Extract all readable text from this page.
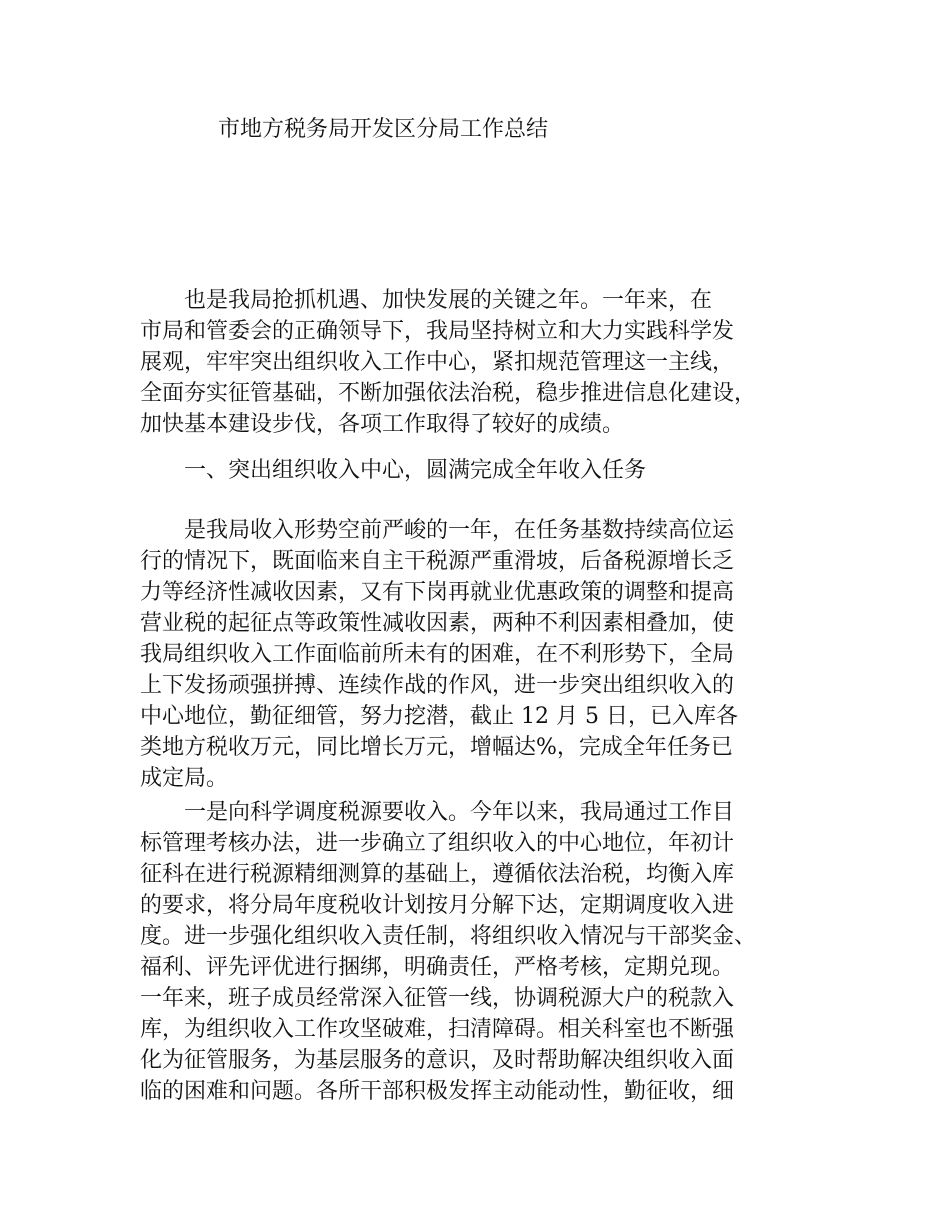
市地方税务局开发区分局工作总结
　　也是我局抢抓机遇、加快发展的关键之年。一年来，在
市局和管委会的正确领导下，我局坚持树立和大力实践科学发
展观，牢牢突出组织收入工作中心，紧扣规范管理这一主线，
全面夯实征管基础，不断加强依法治税，稳步推进信息化建设，
加快基本建设步伐，各项工作取得了较好的成绩。
　　一、突出组织收入中心，圆满完成全年收入任务
　　是我局收入形势空前严峻的一年，在任务基数持续高位运
行的情况下，既面临来自主干税源严重滑坡，后备税源增长乏
力等经济性减收因素，又有下岗再就业优惠政策的调整和提高
营业税的起征点等政策性减收因素，两种不利因素相叠加，使
我局组织收入工作面临前所未有的困难，在不利形势下，全局
上下发扬顽强拼搏、连续作战的作风，进一步突出组织收入的
中心地位，勤征细管，努力挖潜，截止 12 月 5 日，已入库各
类地方税收万元，同比增长万元，增幅达%，完成全年任务已
成定局。
　　一是向科学调度税源要收入。今年以来，我局通过工作目
标管理考核办法，进一步确立了组织收入的中心地位，年初计
征科在进行税源精细测算的基础上，遵循依法治税，均衡入库
的要求，将分局年度税收计划按月分解下达，定期调度收入进
度。进一步强化组织收入责任制，将组织收入情况与干部奖金、
福利、评先评优进行捆绑，明确责任，严格考核，定期兑现。
一年来，班子成员经常深入征管一线，协调税源大户的税款入
库，为组织收入工作攻坚破难，扫清障碍。相关科室也不断强
化为征管服务，为基层服务的意识，及时帮助解决组织收入面
临的困难和问题。各所干部积极发挥主动能动性，勤征收，细
